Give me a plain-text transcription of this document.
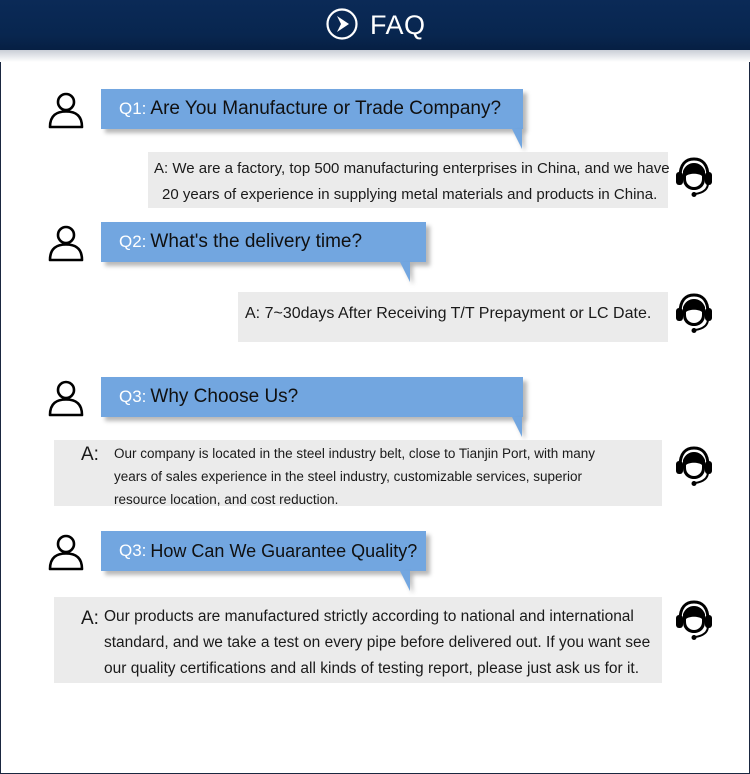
FAQ
Q1: Are You Manufacture or Trade Company?
A: We are a factory, top 500 manufacturing enterprises in China, and we have
20 years of experience in supplying metal materials and products in China.
Q2: What's the delivery time?
A: 7~30days After Receiving T/T Prepayment or LC Date.
Q3: Why Choose Us?
A: Our company is located in the steel industry belt, close to Tianjin Port, with many
years of sales experience in the steel industry, customizable services, superior
resource location, and cost reduction.
Q3: How Can We Guarantee Quality?
A: Our products are manufactured strictly according to national and international
standard, and we take a test on every pipe before delivered out. If you want see
our quality certifications and all kinds of testing report, please just ask us for it.
